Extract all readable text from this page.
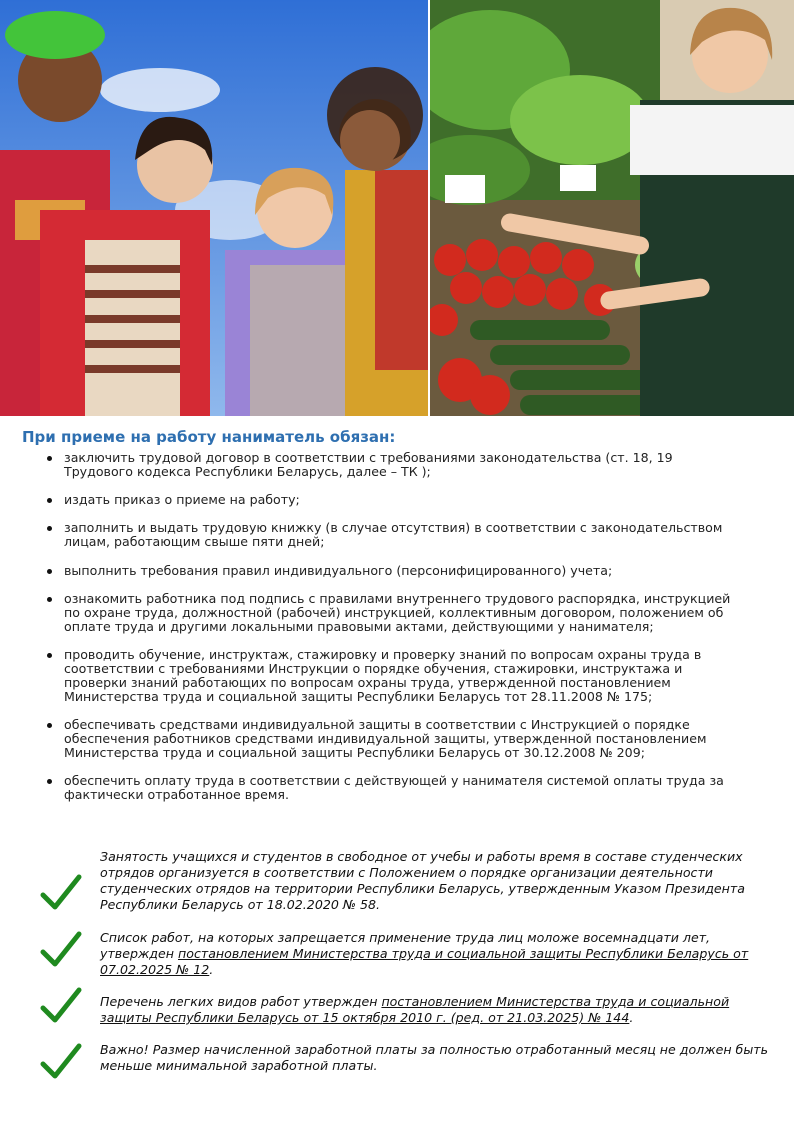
При приеме на работу наниматель обязан:
заключить трудовой договор в соответствии с требованиями законодательства (ст. 18, 19 Трудового кодекса Республики Беларусь, далее – ТК );
издать приказ о приеме на работу;
заполнить и выдать трудовую книжку (в случае отсутствия) в соответствии с законодательством лицам, работающим свыше пяти дней;
выполнить требования правил индивидуального (персонифицированного) учета;
ознакомить работника под подпись с правилами внутреннего трудового распорядка, инструкцией по охране труда, должностной (рабочей) инструкцией, коллективным договором, положением об оплате труда и другими локальными правовыми актами, действующими у нанимателя;
проводить обучение, инструктаж, стажировку и проверку знаний по вопросам охраны труда в соответствии с требованиями Инструкции о порядке обучения, стажировки, инструктажа и проверки знаний работающих по вопросам охраны труда, утвержденной постановлением Министерства труда и социальной защиты Республики Беларусь тот 28.11.2008 № 175;
обеспечивать средствами индивидуальной защиты в соответствии с Инструкцией о порядке обеспечения работников средствами индивидуальной защиты, утвержденной постановлением Министерства труда и социальной защиты Республики Беларусь от 30.12.2008 № 209;
обеспечить оплату труда в соответствии с действующей у нанимателя системой оплаты труда за фактически отработанное время.
Занятость учащихся и студентов в свободное от учебы и работы время в составе студенческих отрядов организуется в соответствии с Положением о порядке организации деятельности студенческих отрядов на территории Республики Беларусь, утвержденным Указом Президента Республики Беларусь от 18.02.2020 № 58.
Список работ, на которых запрещается применение труда лиц моложе восемнадцати лет, утвержден постановлением Министерства труда и социальной защиты Республики Беларусь от 07.02.2025 № 12.
Перечень легких видов работ утвержден постановлением Министерства труда и социальной защиты Республики Беларусь от 15 октября 2010 г. (ред. от 21.03.2025) № 144.
Важно! Размер начисленной заработной платы за полностью отработанный месяц не должен быть меньше минимальной заработной платы.
